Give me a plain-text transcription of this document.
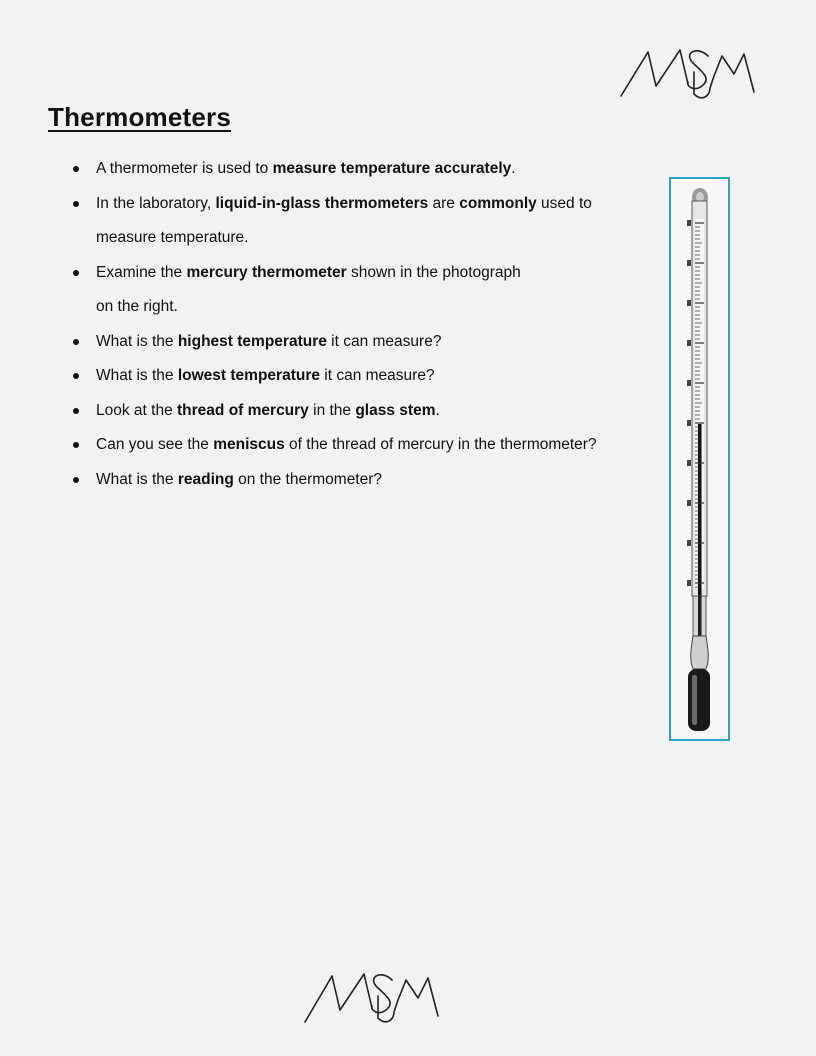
Thermometers
A thermometer is used to measure temperature accurately.
In the laboratory, liquid-in-glass thermometers are commonly used to
measure temperature.
Examine the mercury thermometer shown in the photograph
on the right.
What is the highest temperature it can measure?
What is the lowest temperature it can measure?
Look at the thread of mercury in the glass stem.
Can you see the meniscus of the thread of mercury in the thermometer?
What is the reading on the thermometer?
